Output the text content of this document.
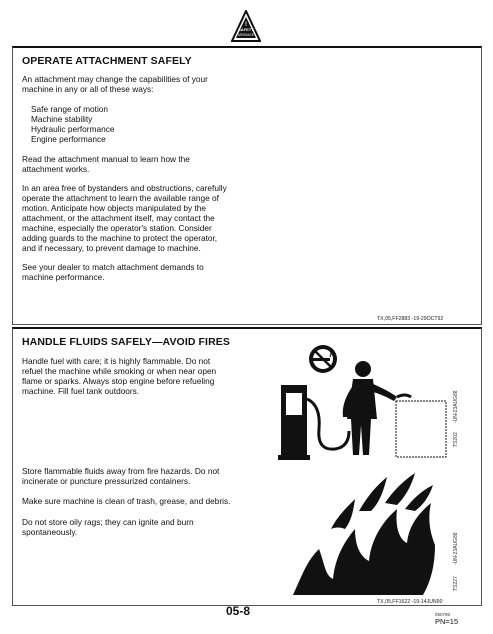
SAFETY
MESSAGE
!
OPERATE ATTACHMENT SAFELY

An attachment may change the capabilities of your

machine in any or all of these ways:

Safe range of motion

Machine stability

Hydraulic performance

Engine performance

Read the attachment manual to learn how the

attachment works.

In an area free of bystanders and obstructions, carefully

operate the attachment to learn the available range of

motion. Anticipate how objects manipulated by the

attachment, or the attachment itself, may contact the

machine, especially the operator's station. Consider

adding guards to the machine to protect the operator,

and if necessary, to prevent damage to machine.

See your dealer to match attachment demands to

machine performance.

TX,05,FF2883 -19-29OCT92
HANDLE FLUIDS SAFELY—AVOID FIRES

Handle fuel with care; it is highly flammable. Do not

refuel the machine while smoking or when near open

flame or sparks. Always stop engine before refueling

machine. Fill fuel tank outdoors.

Store flammable fluids away from fire hazards. Do not

incinerate or puncture pressurized containers.

Make sure machine is clean of trash, grease, and debris.

Do not store oily rags; they can ignite and burn

spontaneously.

TS202
-UN-23AUG88
TS227
-UN-23AUG88
TX,05,FF1622 -19-14JUN90
05-8	050796
PN=15
